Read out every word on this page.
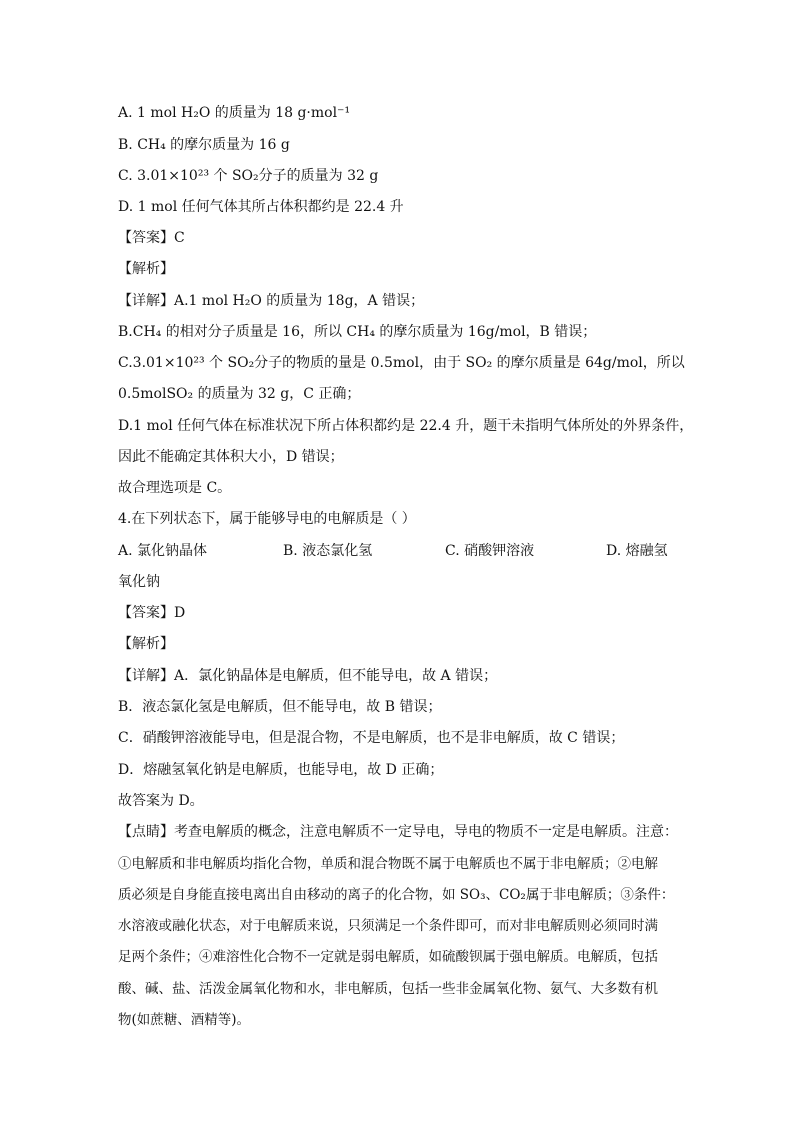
A. 1 mol H₂O 的质量为 18 g·mol⁻¹
B. CH₄ 的摩尔质量为 16 g
C. 3.01×10²³ 个 SO₂分子的质量为 32 g
D. 1 mol 任何气体其所占体积都约是 22.4 升
【答案】C
【解析】
【详解】A.1 mol H₂O 的质量为 18g，A 错误；
B.CH₄ 的相对分子质量是 16，所以 CH₄ 的摩尔质量为 16g/mol，B 错误；
C.3.01×10²³ 个 SO₂分子的物质的量是 0.5mol，由于 SO₂ 的摩尔质量是 64g/mol，所以
0.5molSO₂ 的质量为 32 g，C 正确；
D.1 mol 任何气体在标准状况下所占体积都约是 22.4 升，题干未指明气体所处的外界条件，
因此不能确定其体积大小，D 错误；
故合理选项是 C。
4.在下列状态下，属于能够导电的电解质是（ ）
A. 氯化钠晶体	B. 液态氯化氢	C. 硝酸钾溶液	D. 熔融氢
氧化钠
【答案】D
【解析】
【详解】A．氯化钠晶体是电解质，但不能导电，故 A 错误；
B．液态氯化氢是电解质，但不能导电，故 B 错误；
C．硝酸钾溶液能导电，但是混合物，不是电解质，也不是非电解质，故 C 错误；
D．熔融氢氧化钠是电解质，也能导电，故 D 正确；
故答案为 D。
【点睛】考查电解质的概念，注意电解质不一定导电，导电的物质不一定是电解质。注意：
①电解质和非电解质均指化合物，单质和混合物既不属于电解质也不属于非电解质；②电解
质必须是自身能直接电离出自由移动的离子的化合物，如 SO₃、CO₂属于非电解质；③条件：
水溶液或融化状态，对于电解质来说，只须满足一个条件即可，而对非电解质则必须同时满
足两个条件；④难溶性化合物不一定就是弱电解质，如硫酸钡属于强电解质。电解质，包括
酸、碱、盐、活泼金属氧化物和水，非电解质，包括一些非金属氧化物、氨气、大多数有机
物(如蔗糖、酒精等)。
